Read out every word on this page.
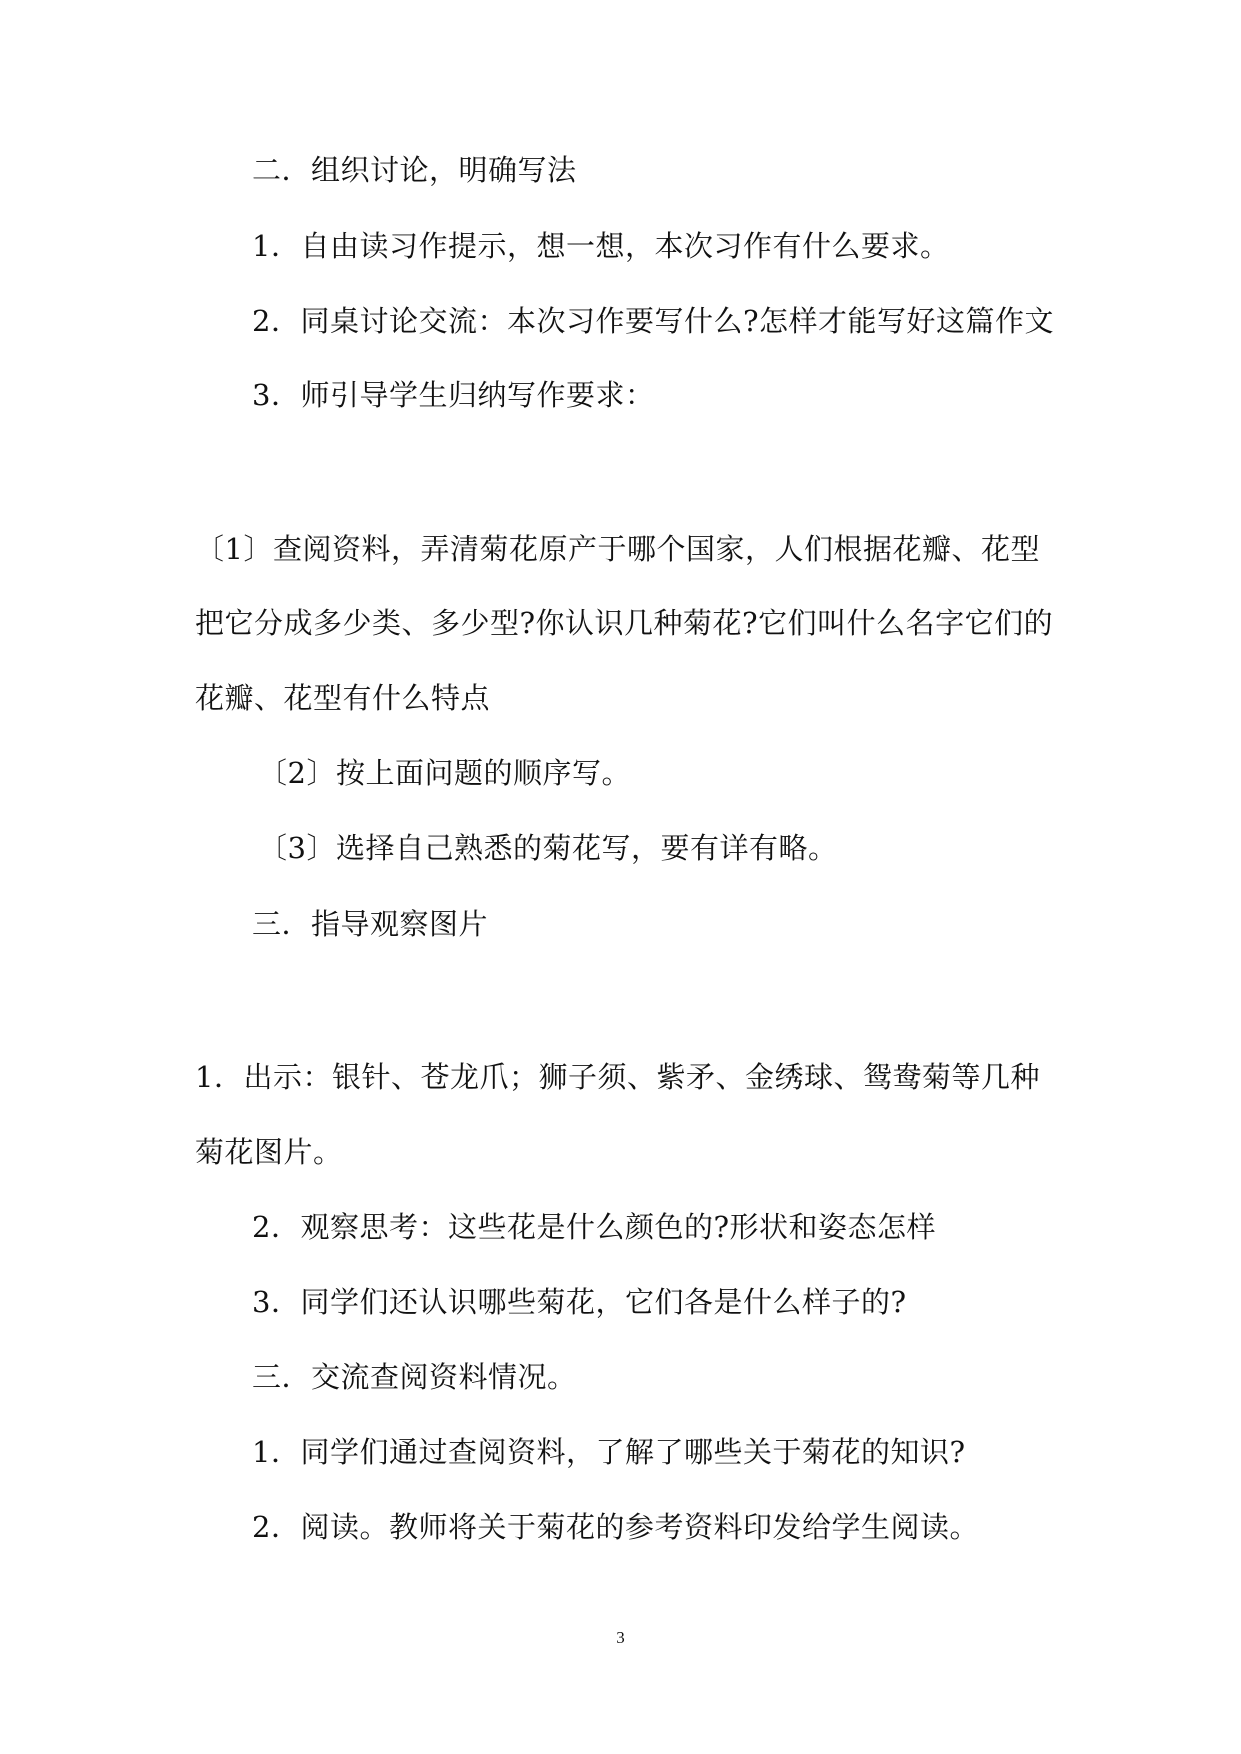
二．组织讨论，明确写法
1．自由读习作提示，想一想，本次习作有什么要求。
2．同桌讨论交流：本次习作要写什么?怎样才能写好这篇作文
3．师引导学生归纳写作要求：
〔1〕查阅资料，弄清菊花原产于哪个国家，人们根据花瓣、花型
把它分成多少类、多少型?你认识几种菊花?它们叫什么名字它们的
花瓣、花型有什么特点
〔2〕按上面问题的顺序写。
〔3〕选择自己熟悉的菊花写，要有详有略。
三．指导观察图片
1．出示：银针、苍龙爪；狮子须、紫矛、金绣球、鸳鸯菊等几种
菊花图片。
2．观察思考：这些花是什么颜色的?形状和姿态怎样
3．同学们还认识哪些菊花，它们各是什么样子的?
三．交流查阅资料情况。
1．同学们通过查阅资料，了解了哪些关于菊花的知识?
2．阅读。教师将关于菊花的参考资料印发给学生阅读。
3
